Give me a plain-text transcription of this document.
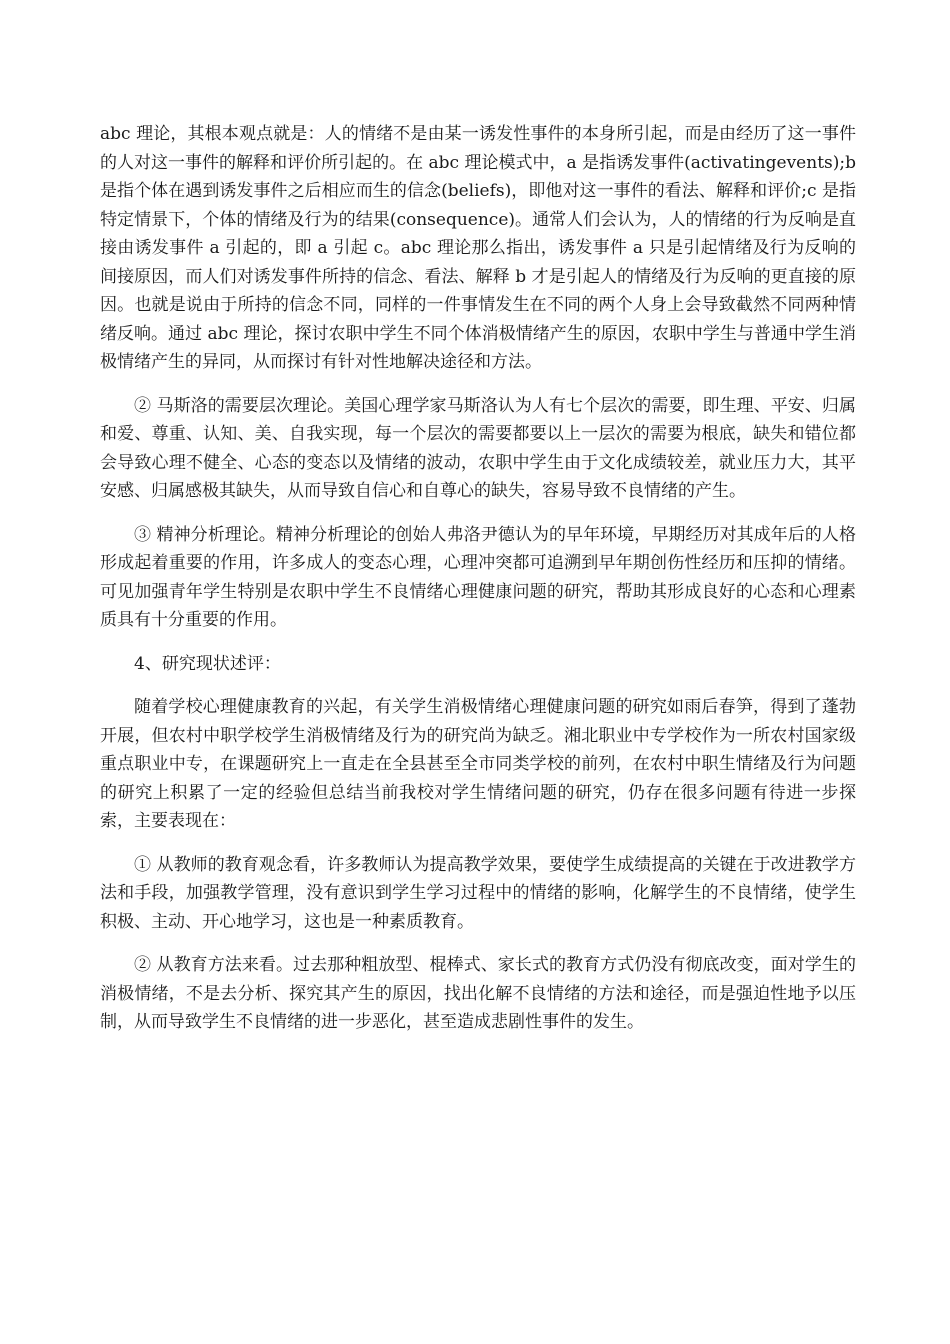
abc 理论，其根本观点就是：人的情绪不是由某一诱发性事件的本身所引起，而是由经历了这一事件的人对这一事件的解释和评价所引起的。在 abc 理论模式中，a 是指诱发事件(activatingevents);b 是指个体在遇到诱发事件之后相应而生的信念(beliefs)，即他对这一事件的看法、解释和评价;c 是指特定情景下，个体的情绪及行为的结果(consequence)。通常人们会认为，人的情绪的行为反响是直接由诱发事件 a 引起的，即 a 引起 c。abc 理论那么指出，诱发事件 a 只是引起情绪及行为反响的间接原因，而人们对诱发事件所持的信念、看法、解释 b 才是引起人的情绪及行为反响的更直接的原因。也就是说由于所持的信念不同，同样的一件事情发生在不同的两个人身上会导致截然不同两种情绪反响。通过 abc 理论，探讨农职中学生不同个体消极情绪产生的原因，农职中学生与普通中学生消极情绪产生的异同，从而探讨有针对性地解决途径和方法。

② 马斯洛的需要层次理论。美国心理学家马斯洛认为人有七个层次的需要，即生理、平安、归属和爱、尊重、认知、美、自我实现，每一个层次的需要都要以上一层次的需要为根底，缺失和错位都会导致心理不健全、心态的变态以及情绪的波动，农职中学生由于文化成绩较差，就业压力大，其平安感、归属感极其缺失，从而导致自信心和自尊心的缺失，容易导致不良情绪的产生。

③ 精神分析理论。精神分析理论的创始人弗洛尹德认为的早年环境，早期经历对其成年后的人格形成起着重要的作用，许多成人的变态心理，心理冲突都可追溯到早年期创伤性经历和压抑的情绪。可见加强青年学生特别是农职中学生不良情绪心理健康问题的研究，帮助其形成良好的心态和心理素质具有十分重要的作用。

4、研究现状述评：

随着学校心理健康教育的兴起，有关学生消极情绪心理健康问题的研究如雨后春笋，得到了蓬勃开展，但农村中职学校学生消极情绪及行为的研究尚为缺乏。湘北职业中专学校作为一所农村国家级重点职业中专，在课题研究上一直走在全县甚至全市同类学校的前列，在农村中职生情绪及行为问题的研究上积累了一定的经验但总结当前我校对学生情绪问题的研究，仍存在很多问题有待进一步探索，主要表现在：

① 从教师的教育观念看，许多教师认为提高教学效果，要使学生成绩提高的关键在于改进教学方法和手段，加强教学管理，没有意识到学生学习过程中的情绪的影响，化解学生的不良情绪，使学生积极、主动、开心地学习，这也是一种素质教育。

② 从教育方法来看。过去那种粗放型、棍棒式、家长式的教育方式仍没有彻底改变，面对学生的消极情绪，不是去分析、探究其产生的原因，找出化解不良情绪的方法和途径，而是强迫性地予以压制，从而导致学生不良情绪的进一步恶化，甚至造成悲剧性事件的发生。
